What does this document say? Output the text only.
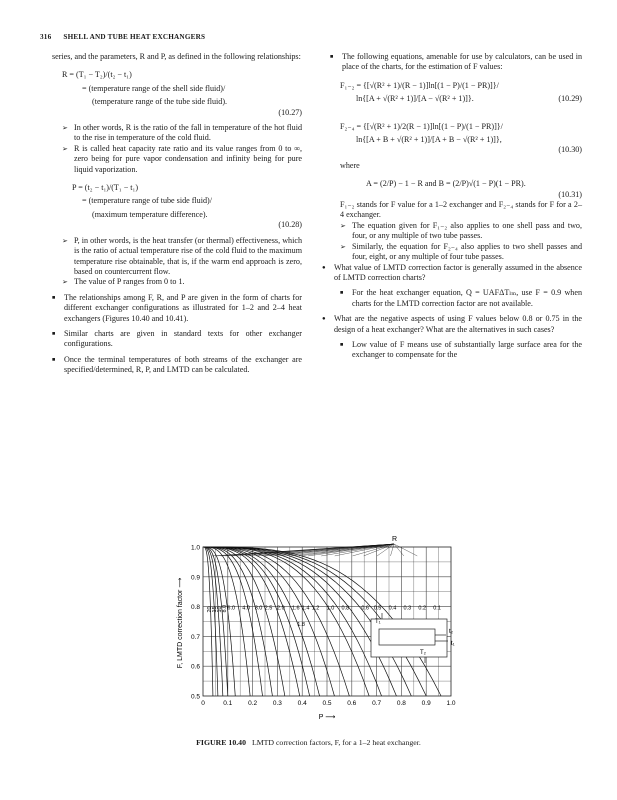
316 SHELL AND TUBE HEAT EXCHANGERS

series, and the parameters, R and P, as defined in the following relationships:

R = (T₁ − T₂)/(t₂ − t₁)

= (temperature range of the shell side fluid)/

(temperature range of the tube side fluid).

(10.27)

➢ In other words, R is the ratio of the fall in temperature of the hot fluid to the rise in temperature of the cold fluid.

➢ R is called heat capacity rate ratio and its value ranges from 0 to ∞, zero being for pure vapor condensation and infinity being for pure liquid vaporization.

P = (t₂ − t₁)/(T₁ − t₁)

= (temperature range of tube side fluid)/

(maximum temperature difference).

(10.28)

➢ P, in other words, is the heat transfer (or thermal) effectiveness, which is the ratio of actual temperature rise of the cold fluid to the maximum temperature rise obtainable, that is, if the warm end approach is zero, based on countercurrent flow.

➢ The value of P ranges from 0 to 1.

■ The relationships among F, R, and P are given in the form of charts for different exchanger configurations as illustrated for 1–2 and 2–4 heat exchangers (Figures 10.40 and 10.41).

■ Similar charts are given in standard texts for other exchanger configurations.

■ Once the terminal temperatures of both streams of the exchanger are specified/determined, R, P, and LMTD can be calculated.

■ The following equations, amenable for use by calculators, can be used in place of the charts, for the estimation of F values:

F₁₋₂ = {[√(R² + 1)/(R − 1)]ln[(1 − P)/(1 − PR)]}/

ln{[A + √(R² + 1)]/[A − √(R² + 1)]}.	(10.29)

F₂₋₄ = {[√(R² + 1)/2(R − 1)]ln[(1 − P)/(1 − PR)]}/

ln{[A + B + √(R² + 1)]/[A + B − √(R² + 1)]},

(10.30)

where

A = (2/P) − 1 − R and B = (2/P)√(1 − P)(1 − PR).

(10.31)

F₁₋₂ stands for F value for a 1–2 exchanger and F₂₋₄ stands for F for a 2–4 exchanger.

➢ The equation given for F₁₋₂ also applies to one shell pass and two, four, or any multiple of two tube passes.

➢ Similarly, the equation for F₂₋₄ also applies to two shell passes and four, eight, or any multiple of four tube passes.

● What value of LMTD correction factor is generally assumed in the absence of LMTD correction charts?

■ For the heat exchanger equation, Q = UAFΔTₗₘ, use F = 0.9 when charts for the LMTD correction factor are not available.

● What are the negative aspects of using F values below 0.8 or 0.75 in the design of a heat exchanger? What are the alternatives in such cases?

■ Low value of F means use of substantially large surface area for the exchanger to compensate for the

0	0.1 0.2 0.3 0.4 0.5 0.6 0.7 0.8 0.9 1.0
0.5
0.6
0.7
0.8
0.9
1.0
20 10
8.0
15 6.0 4.0 3.0 2.5 2.0 1.6 1.4 1.2 1.0 0.8 0.6 0.5 0.4 0.3 0.2 0.1
1.8	T₁
t₂
t₁
T₂
R
P ⟶
F, LMTD correction factor ⟶
FIGURE 10.40 LMTD correction factors, F, for a 1–2 heat exchanger.
